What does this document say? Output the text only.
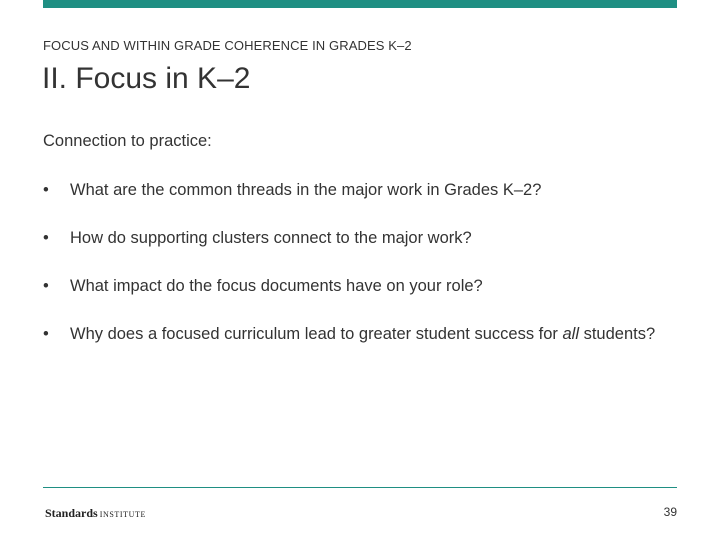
FOCUS AND WITHIN GRADE COHERENCE IN GRADES K–2
II. Focus in K–2
Connection to practice:
• What are the common threads in the major work in Grades K–2?
• How do supporting clusters connect to the major work?
• What impact do the focus documents have on your role?
• Why does a focused curriculum lead to greater student success for all students?
Standards INSTITUTE	39
